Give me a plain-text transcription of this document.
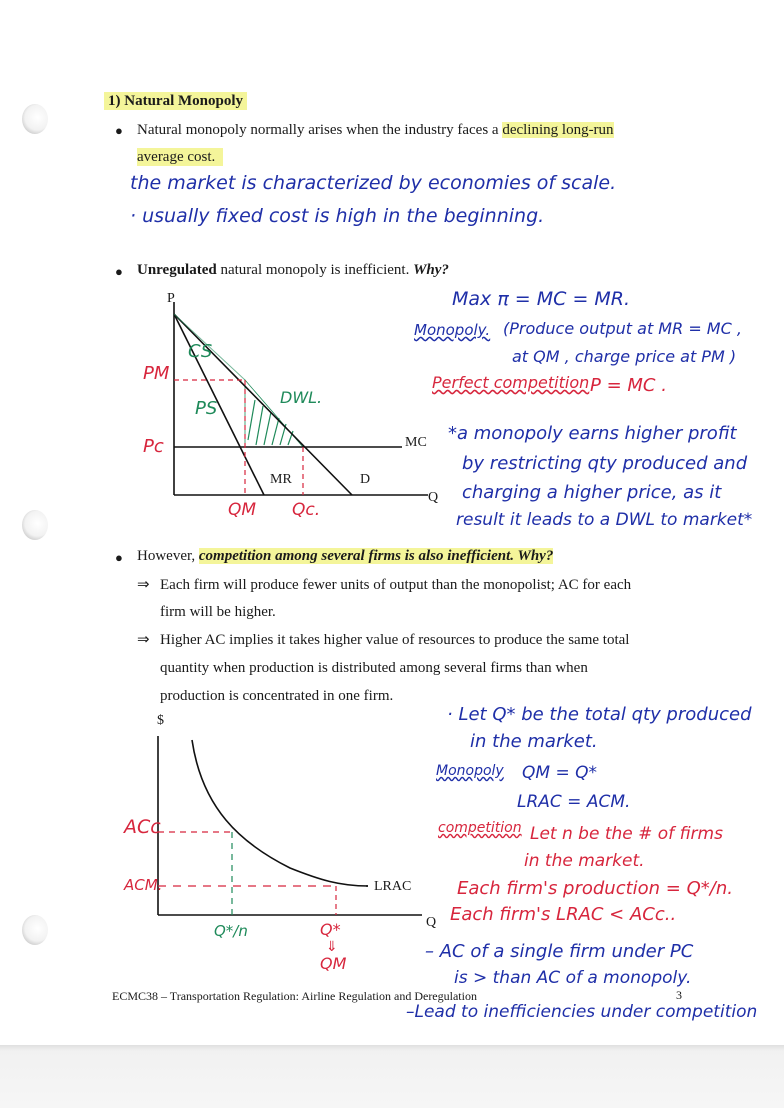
1) Natural Monopoly
● Natural monopoly normally arises when the industry faces a declining long-run
average cost.
the market is characterized by economies of scale.
· usually fixed cost is high in the beginning.
● Unregulated natural monopoly is inefficient. Why?
P
Q
MC
MR	D
CS
PS
DWL.
PM
Pc
QM Qc.
Max π = MC = MR.
Monopoly. (Produce output at MR = MC ,
at QM , charge price at PM )
Perfect competition P = MC .
*a monopoly earns higher profit
by restricting qty produced and
charging a higher price, as it
result it leads to a DWL to market*
● However, competition among several firms is also inefficient. Why?
⇒ Each firm will produce fewer units of output than the monopolist; AC for each
firm will be higher.
⇒ Higher AC implies it takes higher value of resources to produce the same total
quantity when production is distributed among several firms than when
production is concentrated in one firm.
$
Q
LRAC
ACc
ACM.
Q*/n	Q*
⇓
QM
· Let Q* be the total qty produced
in the market.
Monopoly QM = Q*
LRAC = ACM.
competition Let n be the # of firms
in the market.
Each firm's production = Q*/n.
Each firm's LRAC < ACc..
– AC of a single firm under PC
is > than AC of a monopoly.
–Lead to inefficiencies under competition
ECMC38 – Transportation Regulation: Airline Regulation and Deregulation	3
